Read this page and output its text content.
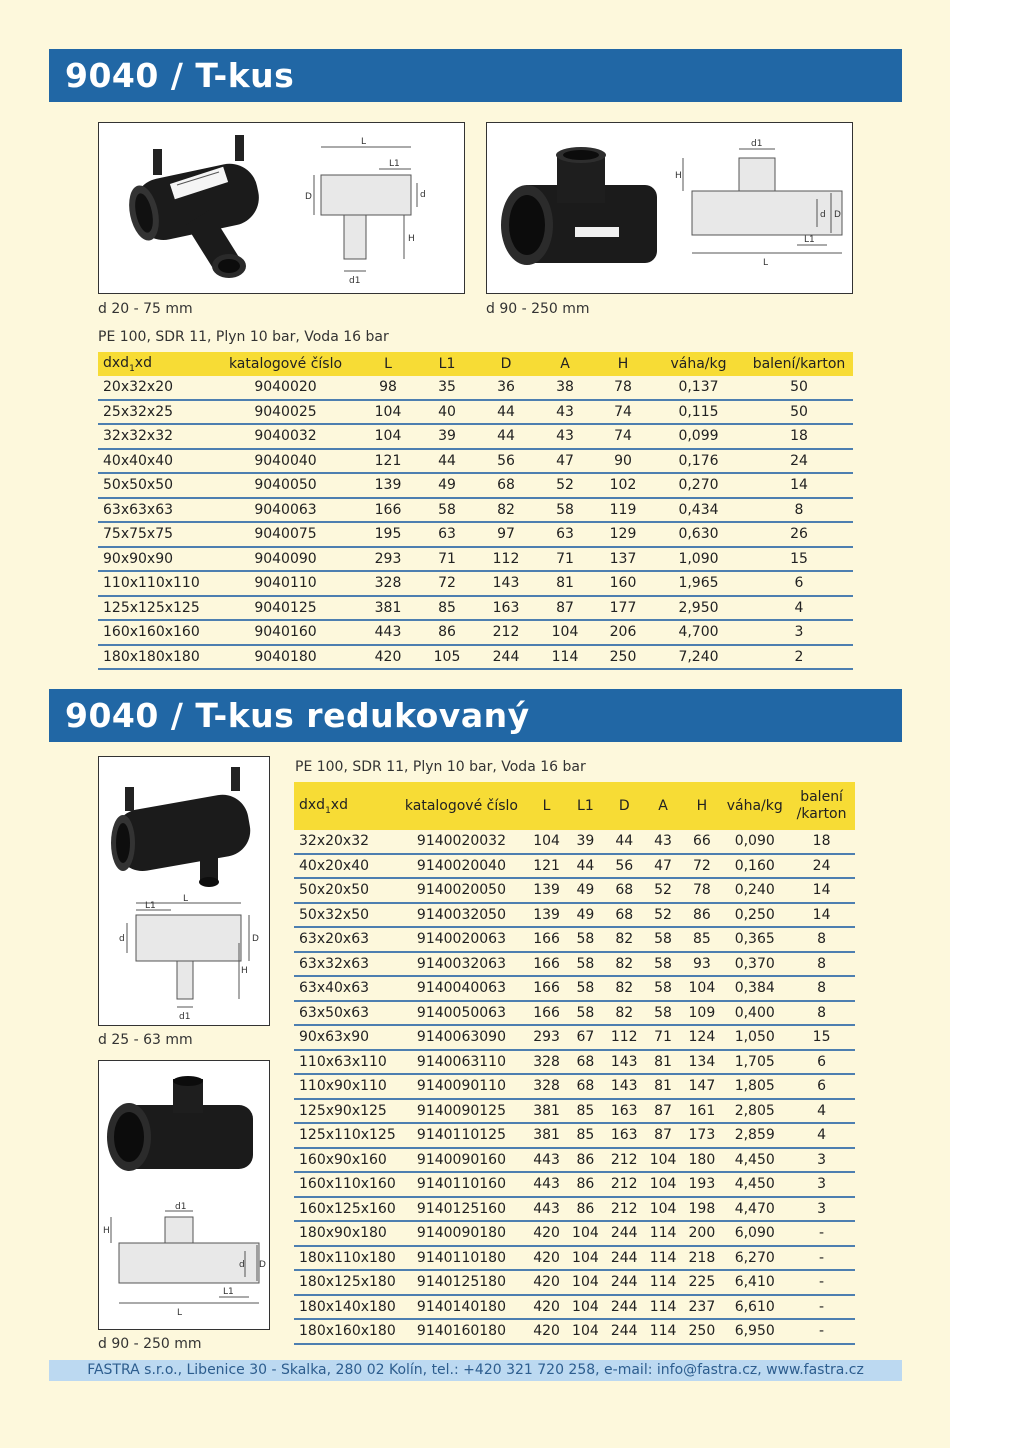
9040 / T-kus
L
L1
D	d
H
d1
d1
H
d D
L
L1
d 20 - 75 mm	d 90 - 250 mm
PE 100, SDR 11, Plyn 10 bar, Voda 16 bar
dxd$_1$xd	katalogové číslo	L	L1	D	A	H	váha/kg	balení/karton
20x32x20	9040020	98	35	36	38	78	0,137	50
25x32x25	9040025	104	40	44	43	74	0,115	50
32x32x32	9040032	104	39	44	43	74	0,099	18
40x40x40	9040040	121	44	56	47	90	0,176	24
50x50x50	9040050	139	49	68	52	102	0,270	14
63x63x63	9040063	166	58	82	58	119	0,434	8
75x75x75	9040075	195	63	97	63	129	0,630	26
90x90x90	9040090	293	71	112	71	137	1,090	15
110x110x110	9040110	328	72	143	81	160	1,965	6
125x125x125	9040125	381	85	163	87	177	2,950	4
160x160x160	9040160	443	86	212	104	206	4,700	3
180x180x180	9040180	420	105	244	114	250	7,240	2
9040 / T-kus redukovaný
L
L1
d	D
H
d1
d 25 - 63 mm
d1
H
d D
L
L1
d 90 - 250 mm
PE 100, SDR 11, Plyn 10 bar, Voda 16 bar
dxd$_1$xd	katalogové číslo	L	L1	D	A	H	váha/kg	balení /karton
32x20x32	9140020032	104	39	44	43	66	0,090	18
40x20x40	9140020040	121	44	56	47	72	0,160	24
50x20x50	9140020050	139	49	68	52	78	0,240	14
50x32x50	9140032050	139	49	68	52	86	0,250	14
63x20x63	9140020063	166	58	82	58	85	0,365	8
63x32x63	9140032063	166	58	82	58	93	0,370	8
63x40x63	9140040063	166	58	82	58	104	0,384	8
63x50x63	9140050063	166	58	82	58	109	0,400	8
90x63x90	9140063090	293	67	112	71	124	1,050	15
110x63x110	9140063110	328	68	143	81	134	1,705	6
110x90x110	9140090110	328	68	143	81	147	1,805	6
125x90x125	9140090125	381	85	163	87	161	2,805	4
125x110x125	9140110125	381	85	163	87	173	2,859	4
160x90x160	9140090160	443	86	212	104	180	4,450	3
160x110x160	9140110160	443	86	212	104	193	4,450	3
160x125x160	9140125160	443	86	212	104	198	4,470	3
180x90x180	9140090180	420	104	244	114	200	6,090	-
180x110x180	9140110180	420	104	244	114	218	6,270	-
180x125x180	9140125180	420	104	244	114	225	6,410	-
180x140x180	9140140180	420	104	244	114	237	6,610	-
180x160x180	9140160180	420	104	244	114	250	6,950	-
FASTRA s.r.o., Libenice 30 - Skalka, 280 02 Kolín, tel.: +420 321 720 258, e-mail: info@fastra.cz, www.fastra.cz
